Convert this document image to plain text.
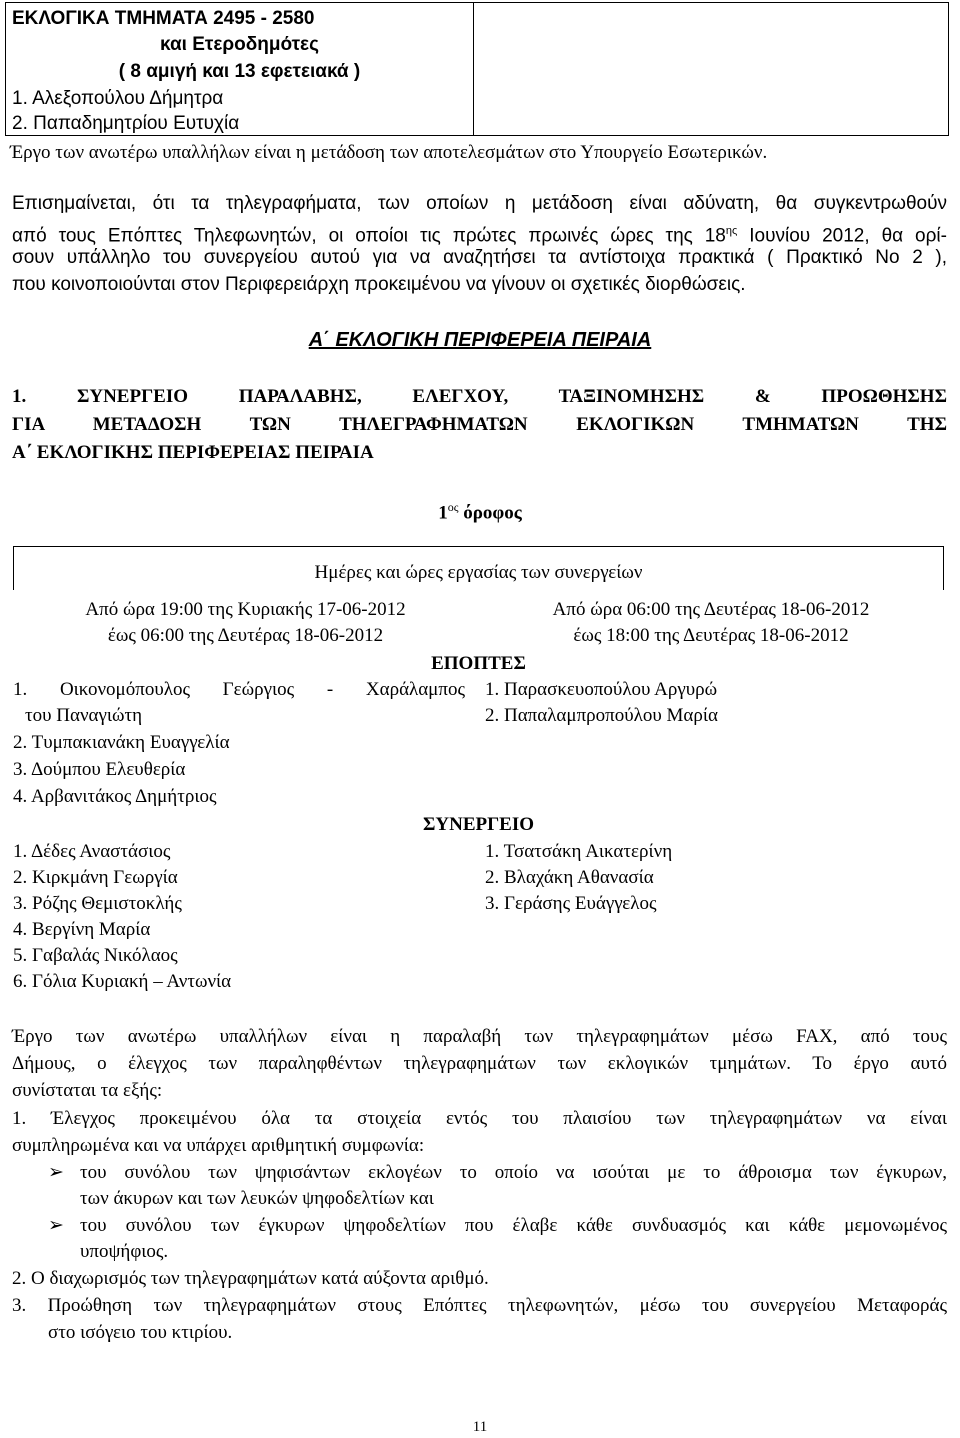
ΕΚΛΟΓΙΚΑ ΤΜΗΜΑΤΑ 2495 - 2580
και Ετεροδημότες
( 8 αμιγή και 13 εφετειακά )
1. Αλεξοπούλου Δήμητρα
2. Παπαδημητρίου Ευτυχία
Έργο των ανωτέρω υπαλλήλων είναι η μετάδοση των αποτελεσμάτων στο Υπουργείο Εσωτερικών.
Επισημαίνεται, ότι τα τηλεγραφήματα, των οποίων η μετάδοση είναι αδύνατη, θα συγκεντρωθούν
από τους Επόπτες Τηλεφωνητών, οι οποίοι τις πρώτες πρωινές ώρες της $18^{\eta\varsigma}$ Ιουνίου 2012, θα ορί-
σουν υπάλληλο του συνεργείου αυτού για να αναζητήσει τα αντίστοιχα πρακτικά ( Πρακτικό Νο 2 ),
που κοινοποιούνται στον Περιφερειάρχη προκειμένου να γίνουν οι σχετικές διορθώσεις.
Α΄ ΕΚΛΟΓΙΚΗ ΠΕΡΙΦΕΡΕΙΑ ΠΕΙΡΑΙΑ
1. ΣΥΝΕΡΓΕΙΟ ΠΑΡΑΛΑΒΗΣ, ΕΛΕΓΧΟΥ, ΤΑΞΙΝΟΜΗΣΗΣ & ΠΡΟΩΘΗΣΗΣ
ΓΙΑ ΜΕΤΑΔΟΣΗ ΤΩΝ ΤΗΛΕΓΡΑΦΗΜΑΤΩΝ ΕΚΛΟΓΙΚΩΝ ΤΜΗΜΑΤΩΝ ΤΗΣ
Α΄ ΕΚΛΟΓΙΚΗΣ ΠΕΡΙΦΕΡΕΙΑΣ ΠΕΙΡΑΙΑ
$1^{o\varsigma}$ όροφος
Ημέρες και ώρες εργασίας των συνεργείων
Από ώρα 19:00 της Κυριακής 17-06-2012
έως 06:00 της Δευτέρας 18-06-2012
Από ώρα 06:00 της Δευτέρας 18-06-2012
έως 18:00 της Δευτέρας 18-06-2012
ΕΠΟΠΤΕΣ
1. Οικονομόπουλος Γεώργιος - Χαράλαμπος
του Παναγιώτη
2. Τυμπακιανάκη Ευαγγελία
3. Δούμπου Ελευθερία
4. Αρβανιτάκος Δημήτριος
1. Παρασκευοπούλου Αργυρώ
2. Παπαλαμπροπούλου Μαρία
ΣΥΝΕΡΓΕΙΟ
1. Δέδες Αναστάσιος
2. Κιρκμάνη Γεωργία
3. Ρόζης Θεμιστοκλής
4. Βεργίνη Μαρία
5. Γαβαλάς Νικόλαος
6. Γόλια Κυριακή – Αντωνία
1. Τσατσάκη Αικατερίνη
2. Βλαχάκη Αθανασία
3. Γεράσης Ευάγγελος
Έργο των ανωτέρω υπαλλήλων είναι η παραλαβή των τηλεγραφημάτων μέσω FAX, από τους
Δήμους, ο έλεγχος των παραληφθέντων τηλεγραφημάτων των εκλογικών τμημάτων. Το έργο αυτό
συνίσταται τα εξής:
1. Έλεγχος προκειμένου όλα τα στοιχεία εντός του πλαισίου των τηλεγραφημάτων να είναι
συμπληρωμένα και να υπάρχει αριθμητική συμφωνία:
➢ του συνόλου των ψηφισάντων εκλογέων το οποίο να ισούται με το άθροισμα των έγκυρων,
των άκυρων και των λευκών ψηφοδελτίων και
➢ του συνόλου των έγκυρων ψηφοδελτίων που έλαβε κάθε συνδυασμός και κάθε μεμονωμένος
υποψήφιος.
2. Ο διαχωρισμός των τηλεγραφημάτων κατά αύξοντα αριθμό.
3. Προώθηση των τηλεγραφημάτων στους Επόπτες τηλεφωνητών, μέσω του συνεργείου Μεταφοράς
στο ισόγειο του κτιρίου.
11
